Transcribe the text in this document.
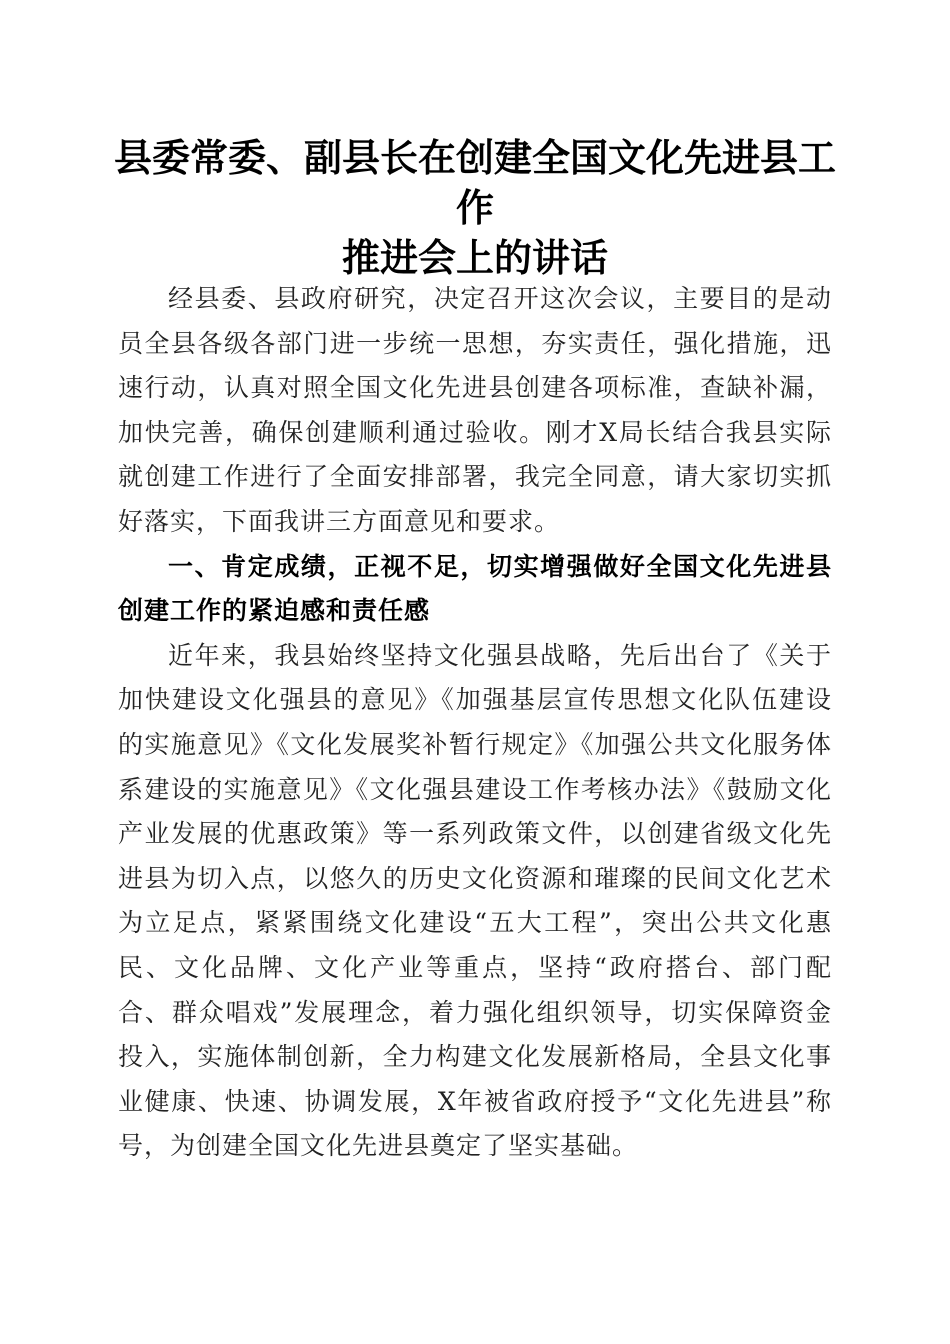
县委常委、副县长在创建全国文化先进县工作
推进会上的讲话

经县委、县政府研究，决定召开这次会议，主要目的是动员全县各级各部门进一步统一思想，夯实责任，强化措施，迅速行动，认真对照全国文化先进县创建各项标准，查缺补漏，加快完善，确保创建顺利通过验收。刚才X局长结合我县实际就创建工作进行了全面安排部署，我完全同意，请大家切实抓好落实，下面我讲三方面意见和要求。

一、肯定成绩，正视不足，切实增强做好全国文化先进县创建工作的紧迫感和责任感

近年来，我县始终坚持文化强县战略，先后出台了《关于加快建设文化强县的意见》《加强基层宣传思想文化队伍建设的实施意见》《文化发展奖补暂行规定》《加强公共文化服务体系建设的实施意见》《文化强县建设工作考核办法》《鼓励文化产业发展的优惠政策》等一系列政策文件，以创建省级文化先进县为切入点，以悠久的历史文化资源和璀璨的民间文化艺术为立足点，紧紧围绕文化建设“五大工程”，突出公共文化惠民、文化品牌、文化产业等重点，坚持“政府搭台、部门配合、群众唱戏”发展理念，着力强化组织领导，切实保障资金投入，实施体制创新，全力构建文化发展新格局，全县文化事业健康、快速、协调发展，X年被省政府授予“文化先进县”称号，为创建全国文化先进县奠定了坚实基础。
